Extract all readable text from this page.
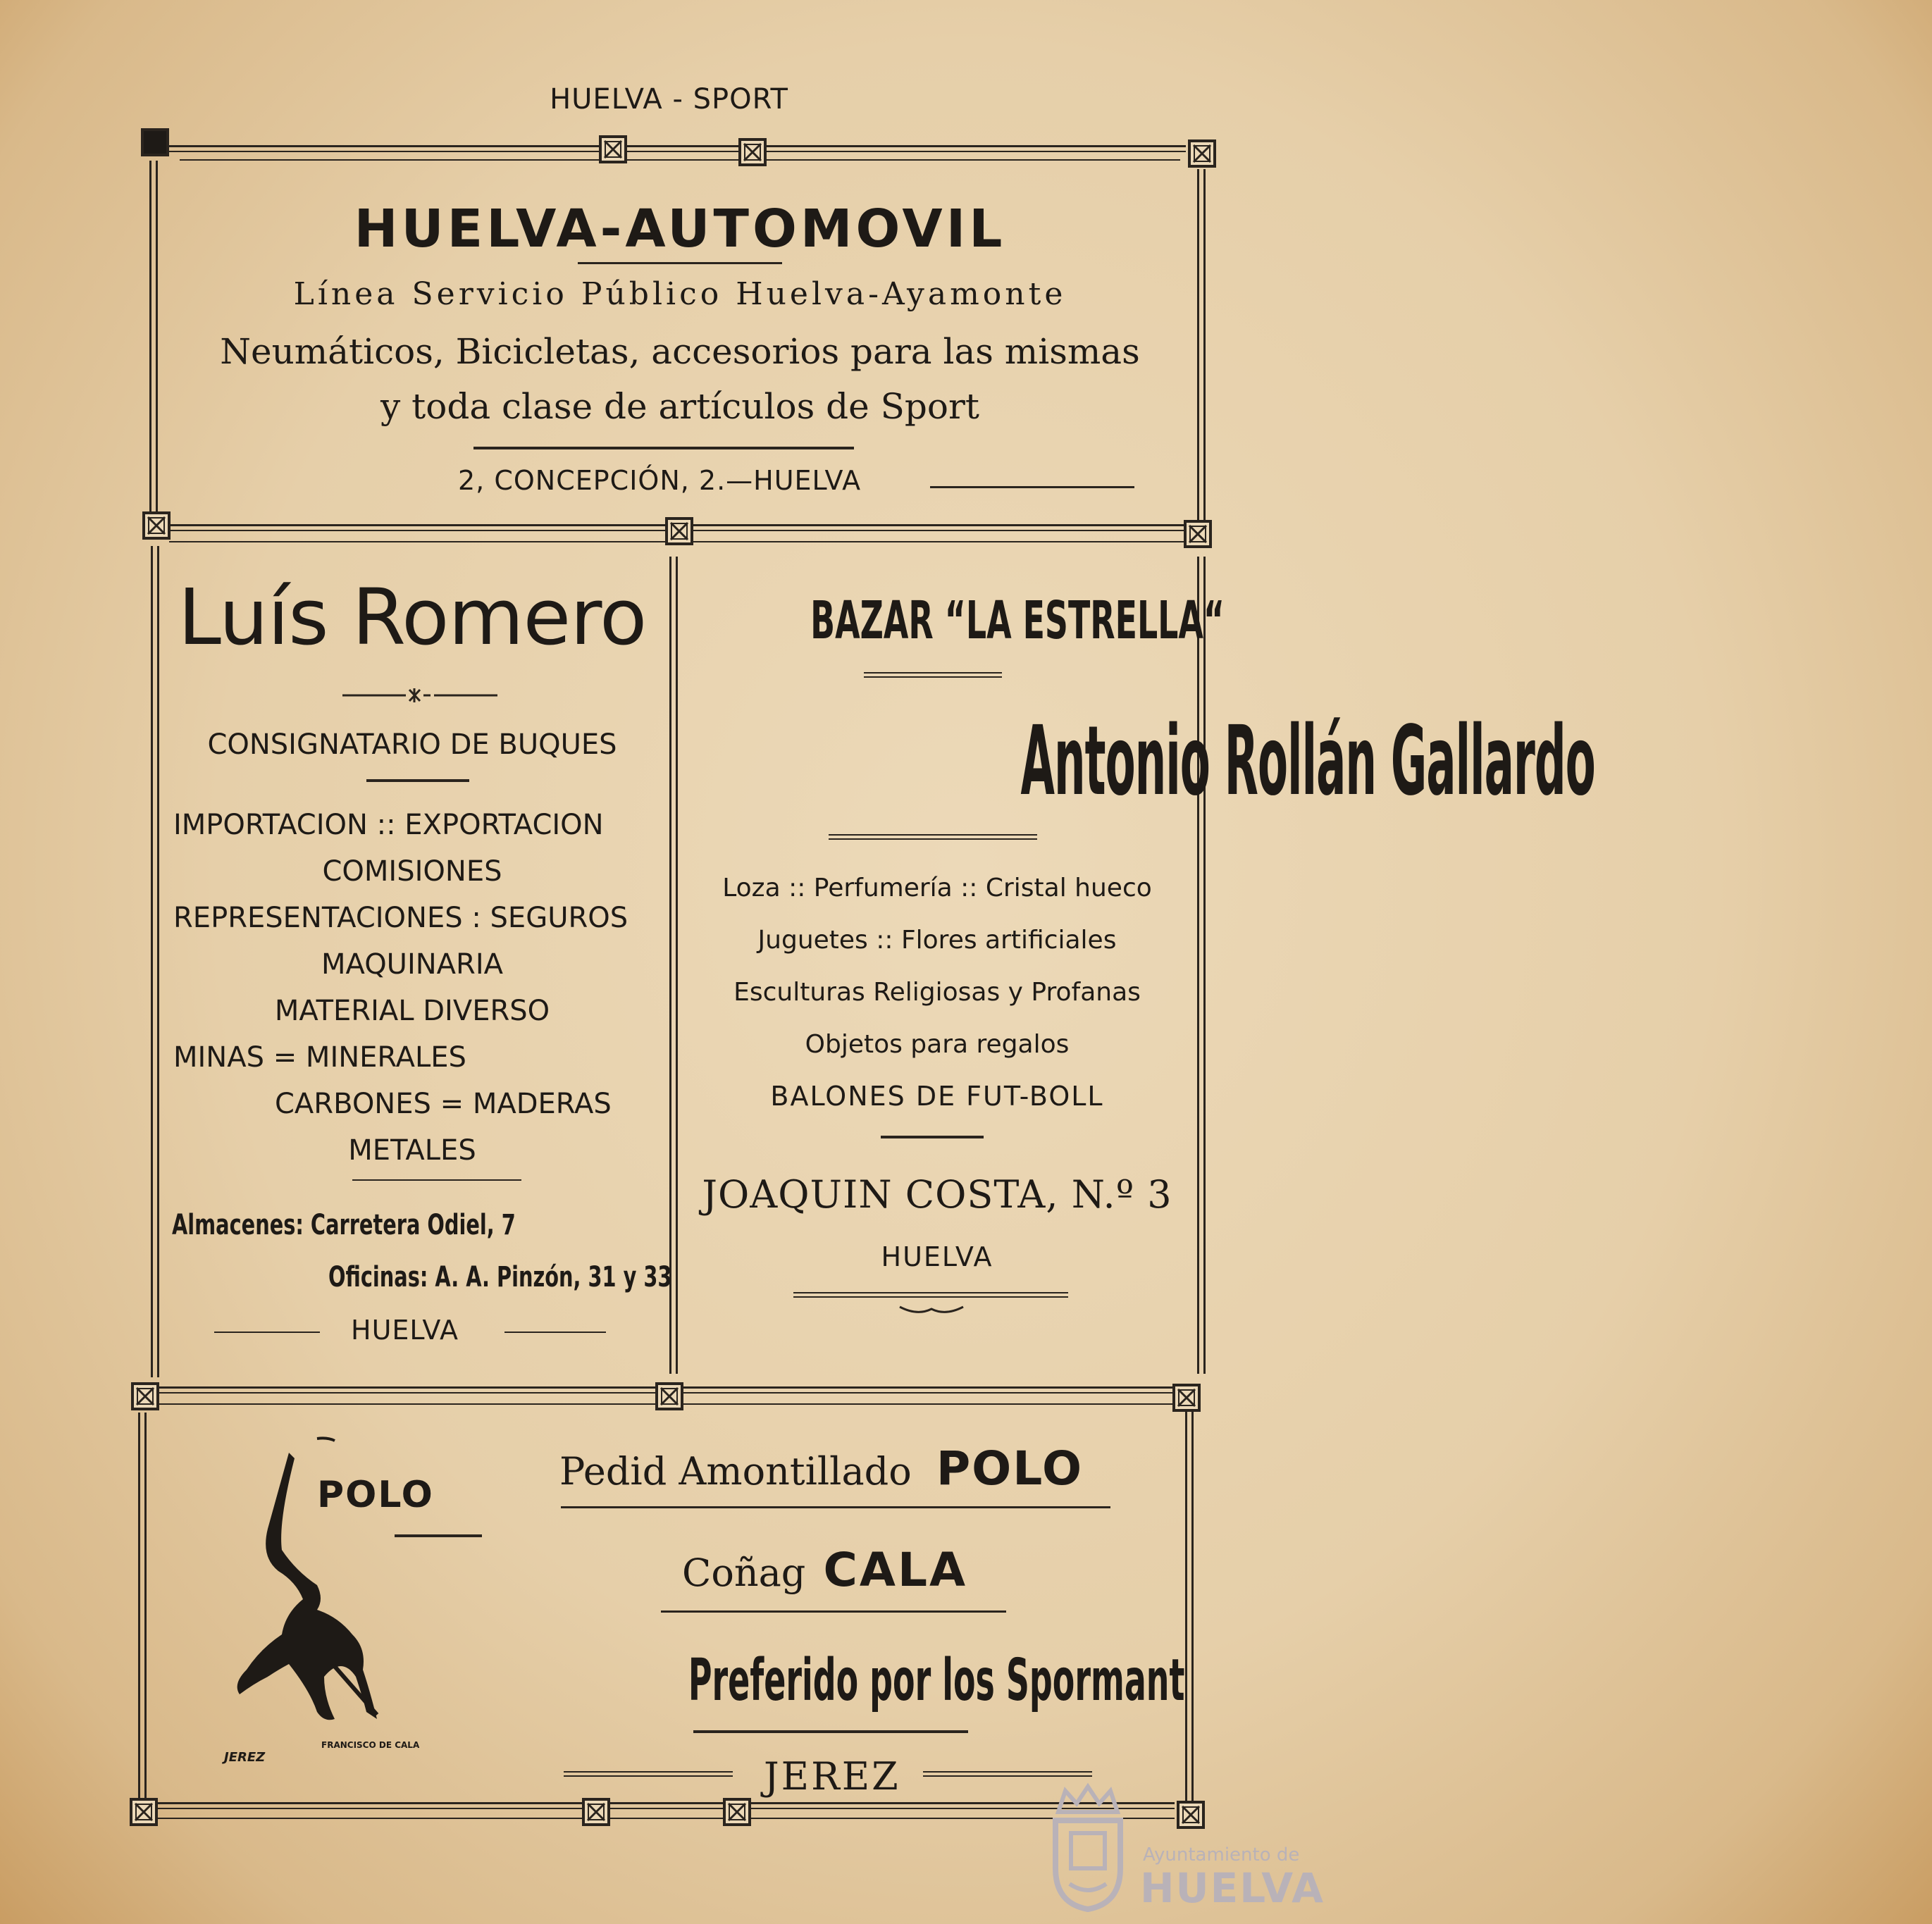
HUELVA - SPORT
HUELVA-AUTOMOVIL
Línea Servicio Público Huelva-Ayamonte
Neumáticos, Bicicletas, accesorios para las mismas
y toda clase de artículos de Sport
2, CONCEPCIÓN, 2.—HUELVA
Luís Romero
CONSIGNATARIO DE BUQUES
IMPORTACION :: EXPORTACION
COMISIONES
REPRESENTACIONES : SEGUROS
MAQUINARIA
MATERIAL DIVERSO
MINAS = MINERALES
CARBONES = MADERAS
METALES
Almacenes: Carretera Odiel, 7
Oficinas: A. A. Pinzón, 31 y 33
HUELVA
BAZAR “LA ESTRELLA“
Antonio Rollán Gallardo
Loza :: Perfumería :: Cristal hueco
Juguetes :: Flores artificiales
Esculturas Religiosas y Profanas
Objetos para regalos
BALONES DE FUT-BOLL
JOAQUIN COSTA, N.º 3
HUELVA
POLO
JEREZ
FRANCISCO DE CALA
Pedid Amontillado POLO
Coñag CALA
Preferido por los Spormant
JEREZ
Ayuntamiento de
HUELVA
